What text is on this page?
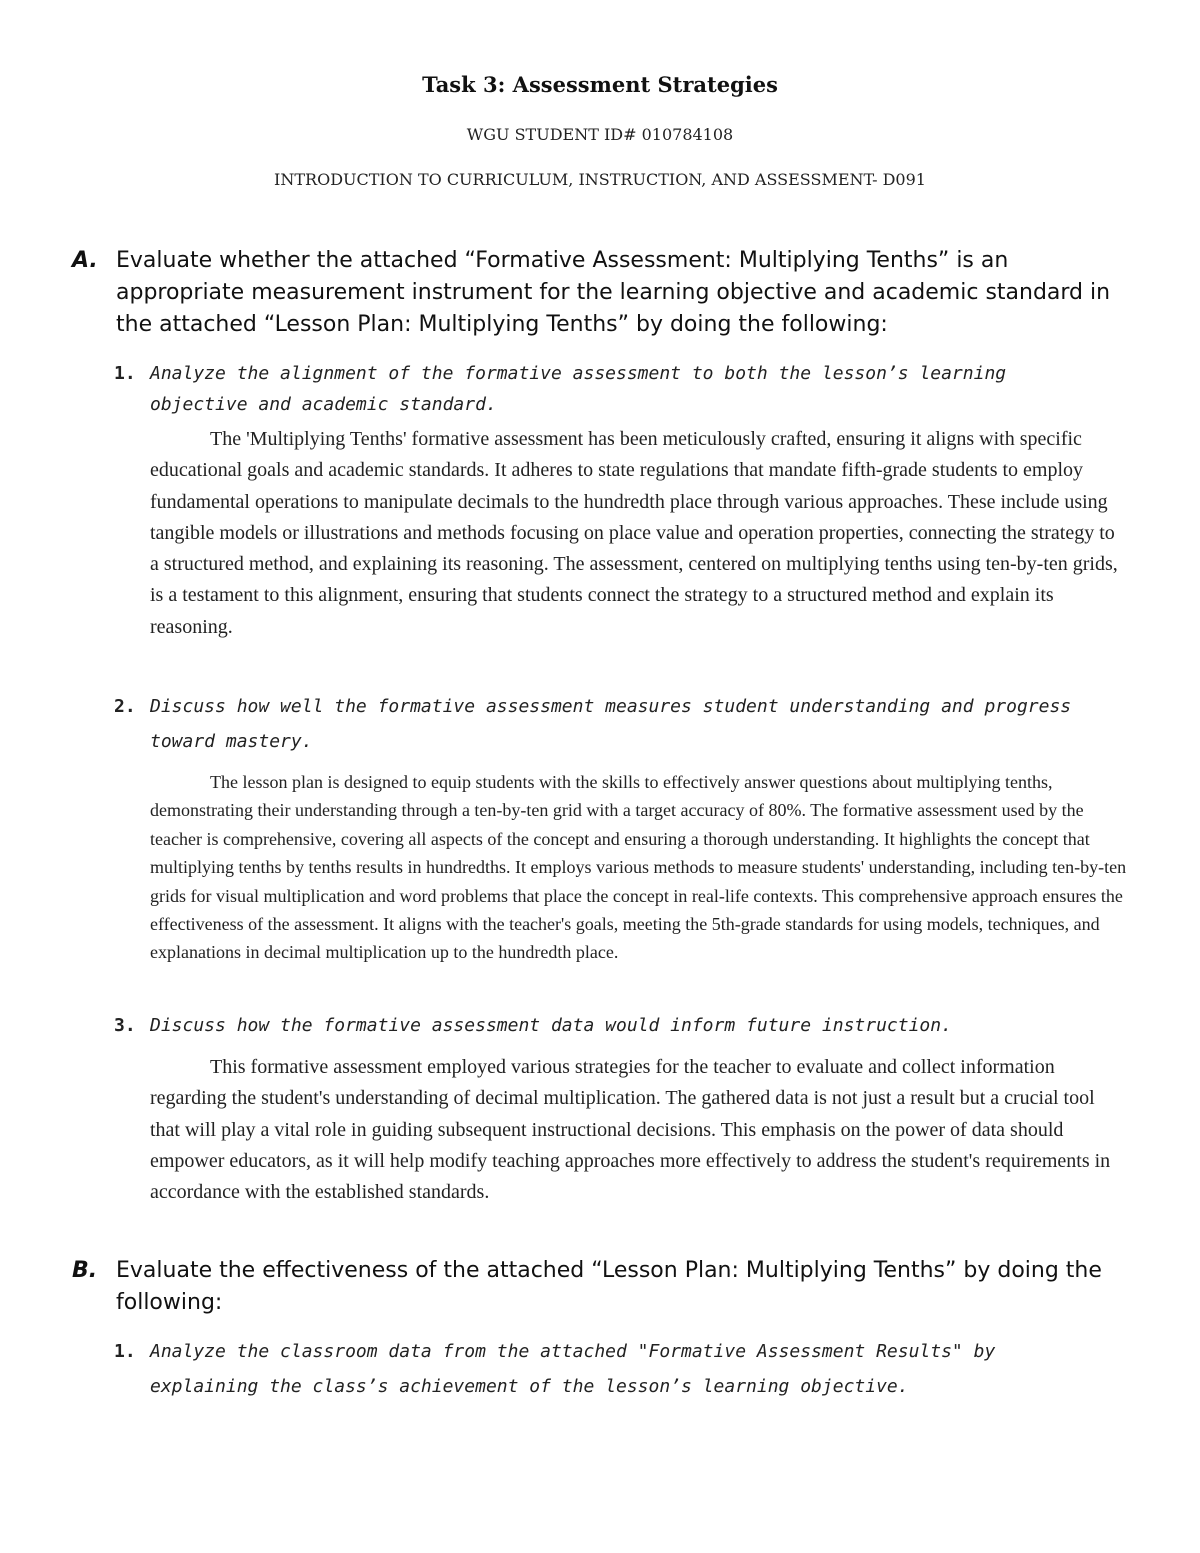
Task 3: Assessment Strategies
WGU STUDENT ID# 010784108
INTRODUCTION TO CURRICULUM, INSTRUCTION, AND ASSESSMENT- D091
A. Evaluate whether the attached “Formative Assessment: Multiplying Tenths” is an appropriate measurement instrument for the learning objective and academic standard in the attached “Lesson Plan: Multiplying Tenths” by doing the following:
1. Analyze the alignment of the formative assessment to both the lesson’s learning objective and academic standard.
The 'Multiplying Tenths' formative assessment has been meticulously crafted, ensuring it aligns with specific educational goals and academic standards. It adheres to state regulations that mandate fifth-grade students to employ fundamental operations to manipulate decimals to the hundredth place through various approaches. These include using tangible models or illustrations and methods focusing on place value and operation properties, connecting the strategy to a structured method, and explaining its reasoning. The assessment, centered on multiplying tenths using ten-by-ten grids, is a testament to this alignment, ensuring that students connect the strategy to a structured method and explain its reasoning.
2. Discuss how well the formative assessment measures student understanding and progress toward mastery.
The lesson plan is designed to equip students with the skills to effectively answer questions about multiplying tenths, demonstrating their understanding through a ten-by-ten grid with a target accuracy of 80%. The formative assessment used by the teacher is comprehensive, covering all aspects of the concept and ensuring a thorough understanding. It highlights the concept that multiplying tenths by tenths results in hundredths. It employs various methods to measure students' understanding, including ten-by-ten grids for visual multiplication and word problems that place the concept in real-life contexts. This comprehensive approach ensures the effectiveness of the assessment. It aligns with the teacher's goals, meeting the 5th-grade standards for using models, techniques, and explanations in decimal multiplication up to the hundredth place.
3. Discuss how the formative assessment data would inform future instruction.
This formative assessment employed various strategies for the teacher to evaluate and collect information regarding the student's understanding of decimal multiplication. The gathered data is not just a result but a crucial tool that will play a vital role in guiding subsequent instructional decisions. This emphasis on the power of data should empower educators, as it will help modify teaching approaches more effectively to address the student's requirements in accordance with the established standards.
B. Evaluate the effectiveness of the attached “Lesson Plan: Multiplying Tenths” by doing the following:
1. Analyze the classroom data from the attached "Formative Assessment Results" by explaining the class’s achievement of the lesson’s learning objective.
